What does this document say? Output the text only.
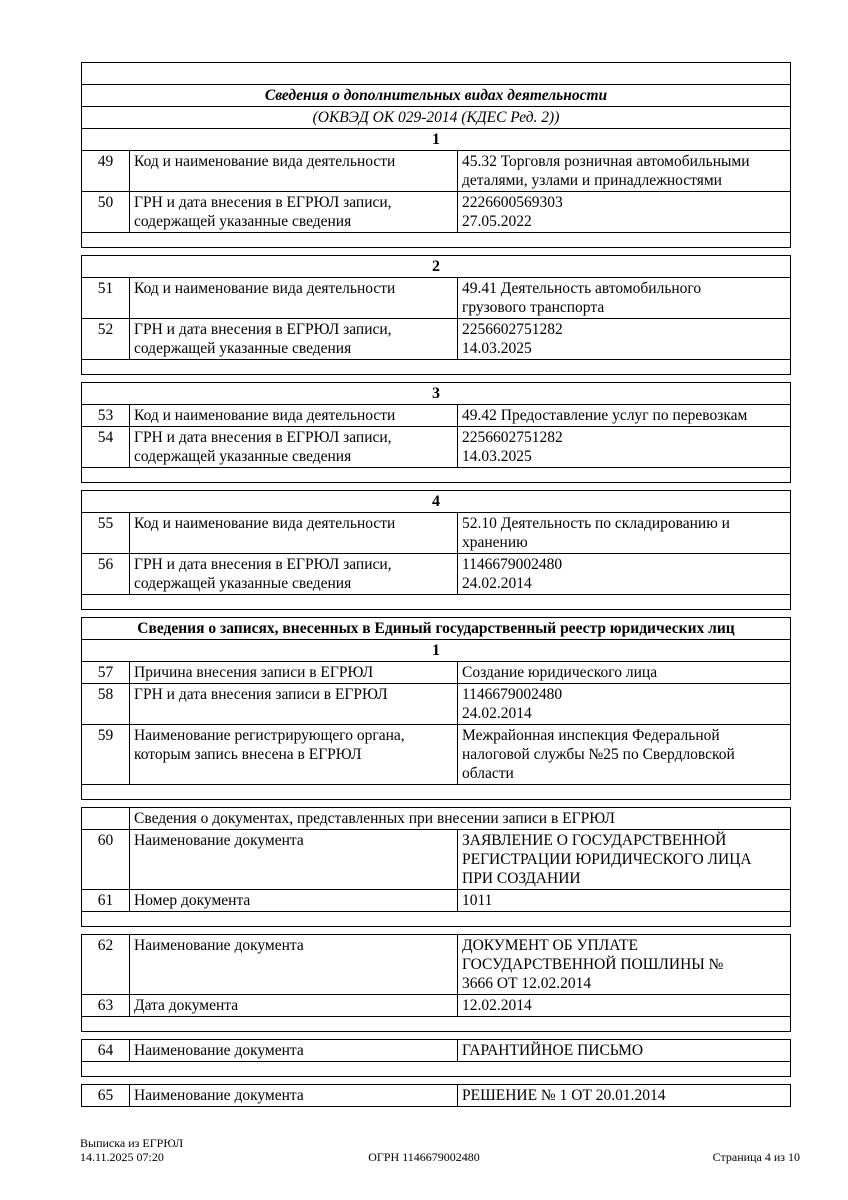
Сведения о дополнительных видах деятельности		
(ОКВЭД ОК 029-2014 (КДЕС Ред. 2))		
1		
49	Код и наименование вида деятельности	45.32 Торговля розничная автомобильными
деталями, узлами и принадлежностями

50	ГРН и дата внесения в ЕГРЮЛ записи, содержащей указанные сведения	2226600569303
27.05.2022

2		
51	Код и наименование вида деятельности	49.41 Деятельность автомобильного
грузового транспорта

52	ГРН и дата внесения в ЕГРЮЛ записи, содержащей указанные сведения	2256602751282
14.03.2025

3		
53	Код и наименование вида деятельности	49.42 Предоставление услуг по перевозкам

54	ГРН и дата внесения в ЕГРЮЛ записи, содержащей указанные сведения	2256602751282
14.03.2025

4		
55	Код и наименование вида деятельности	52.10 Деятельность по складированию и
хранению

56	ГРН и дата внесения в ЕГРЮЛ записи, содержащей указанные сведения	1146679002480
24.02.2014

Сведения о записях, внесенных в Единый государственный реестр юридических лиц		
1		
57	Причина внесения записи в ЕГРЮЛ	Создание юридического лица

58	ГРН и дата внесения записи в ЕГРЮЛ	1146679002480
24.02.2014

59	Наименование регистрирующего органа, которым запись внесена в ЕГРЮЛ	Межрайонная инспекция Федеральной
налоговой службы №25 по Свердловской
области

	Сведения о документах, представленных при внесении записи в ЕГРЮЛ	
60	Наименование документа	ЗАЯВЛЕНИЕ О ГОСУДАРСТВЕННОЙ
РЕГИСТРАЦИИ ЮРИДИЧЕСКОГО ЛИЦА
ПРИ СОЗДАНИИ

61	Номер документа	1011

62	Наименование документа	ДОКУМЕНТ ОБ УПЛАТЕ
ГОСУДАРСТВЕННОЙ ПОШЛИНЫ №
3666 ОТ 12.02.2014

63	Дата документа	12.02.2014

64	Наименование документа	ГАРАНТИЙНОЕ ПИСЬМО

65	Наименование документа	РЕШЕНИЕ № 1 ОТ 20.01.2014
Выписка из ЕГРЮЛ
14.11.2025 07:20	ОГРН 1146679002480	Страница 4 из 10
